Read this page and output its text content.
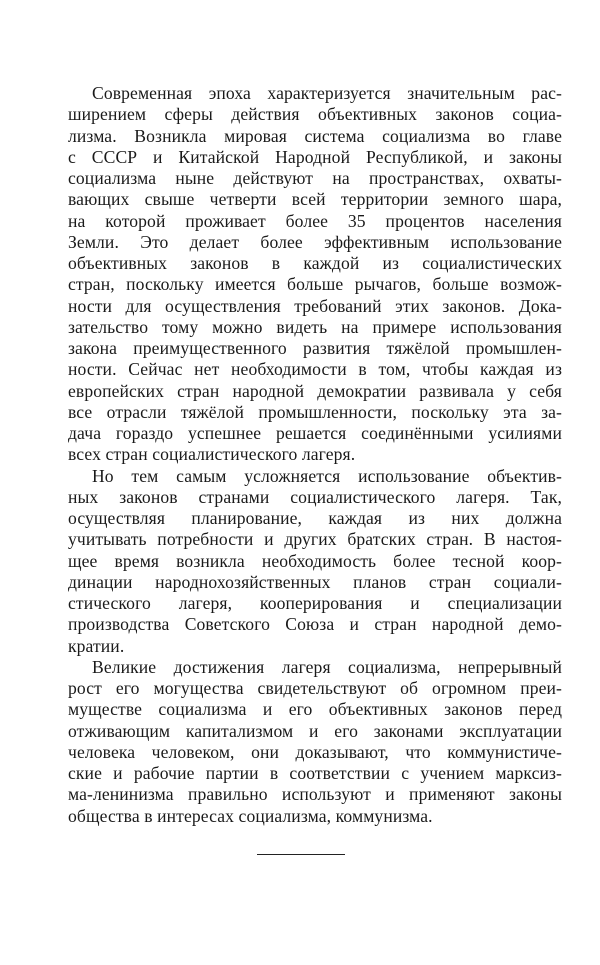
Современная эпоха характеризуется значительным рас-
ширением сферы действия объективных законов социа-
лизма. Возникла мировая система социализма во главе
с СССР и Китайской Народной Республикой, и законы
социализма ныне действуют на пространствах, охваты-
вающих свыше четверти всей территории земного шара,
на которой проживает более 35 процентов населения
Земли. Это делает более эффективным использование
объективных законов в каждой из социалистических
стран, поскольку имеется больше рычагов, больше возмож-
ности для осуществления требований этих законов. Дока-
зательство тому можно видеть на примере использования
закона преимущественного развития тяжёлой промышлен-
ности. Сейчас нет необходимости в том, чтобы каждая из
европейских стран народной демократии развивала у себя
все отрасли тяжёлой промышленности, поскольку эта за-
дача гораздо успешнее решается соединёнными усилиями
всех стран социалистического лагеря.
Но тем самым усложняется использование объектив-
ных законов странами социалистического лагеря. Так,
осуществляя планирование, каждая из них должна
учитывать потребности и других братских стран. В настоя-
щее время возникла необходимость более тесной коор-
динации народнохозяйственных планов стран социали-
стического лагеря, кооперирования и специализации
производства Советского Союза и стран народной демо-
кратии.
Великие достижения лагеря социализма, непрерывный
рост его могущества свидетельствуют об огромном преи-
муществе социализма и его объективных законов перед
отживающим капитализмом и его законами эксплуатации
человека человеком, они доказывают, что коммунистиче-
ские и рабочие партии в соответствии с учением марксиз-
ма-ленинизма правильно используют и применяют законы
общества в интересах социализма, коммунизма.
